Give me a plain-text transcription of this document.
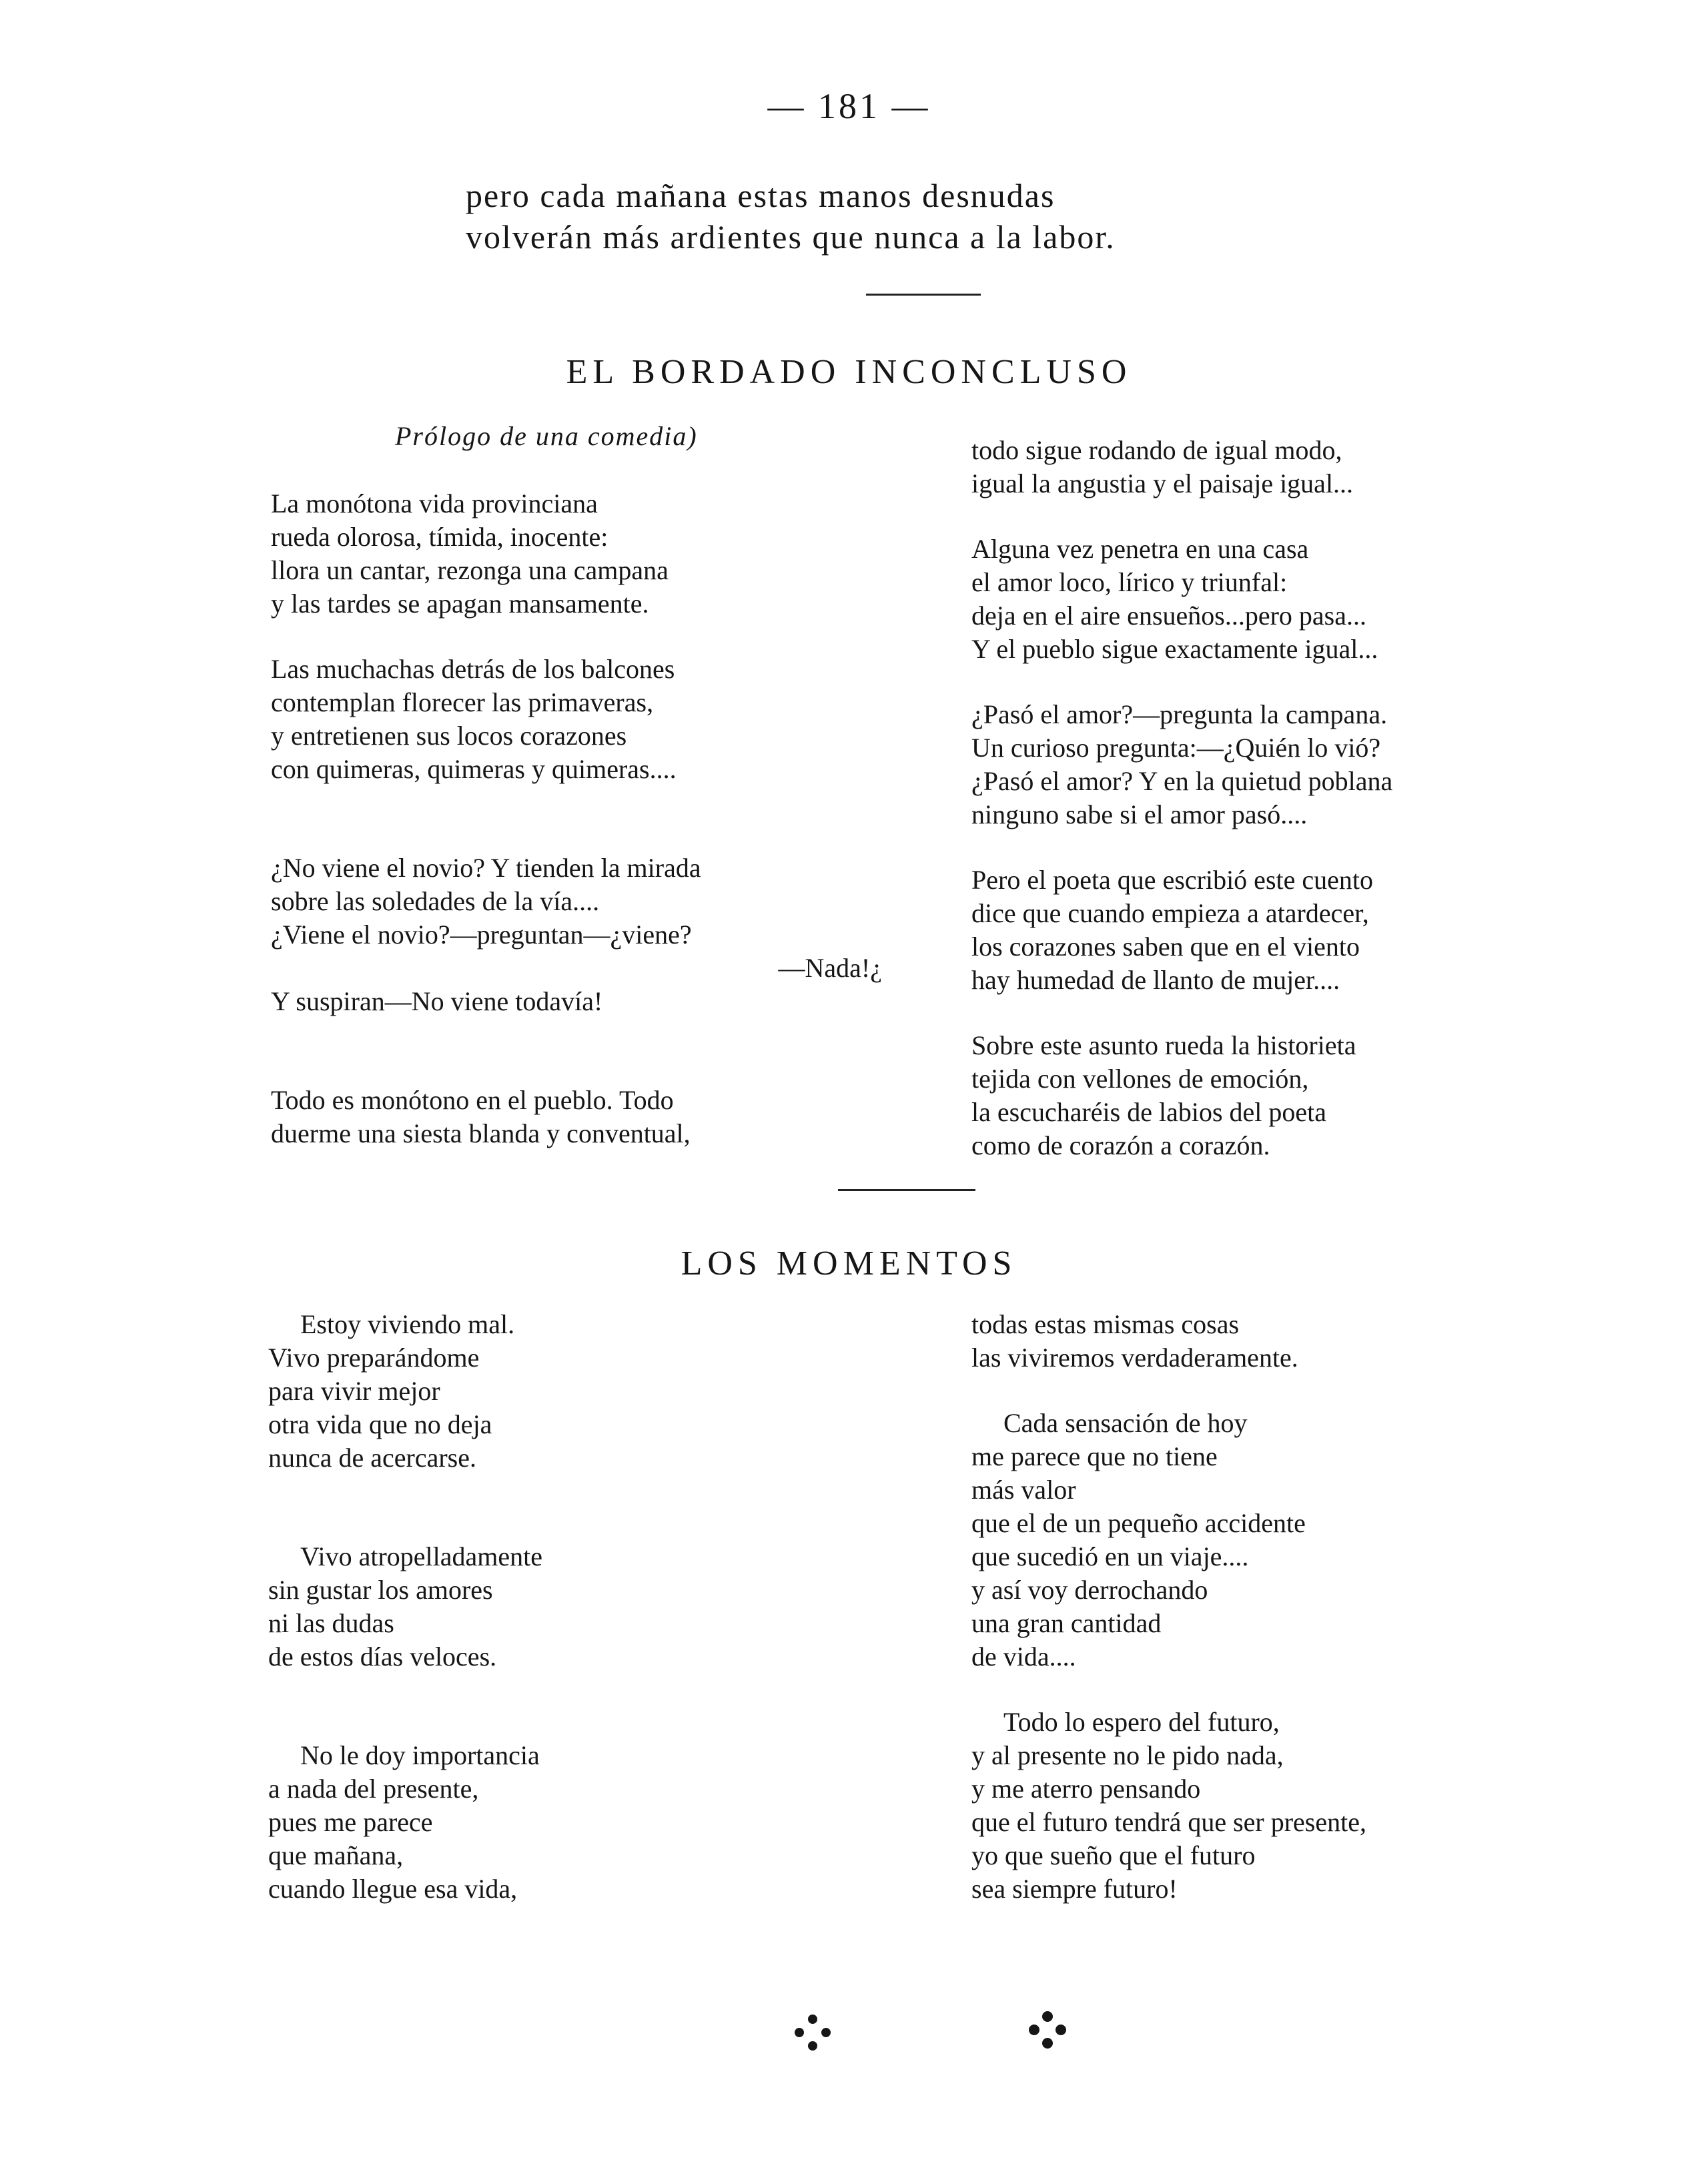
— 181 —
pero cada mañana estas manos desnudas
volverán más ardientes que nunca a la labor.
EL BORDADO INCONCLUSO
Prólogo de una comedia)
La monótona vida provinciana
rueda olorosa, tímida, inocente:
llora un cantar, rezonga una campana
y las tardes se apagan mansamente.
Las muchachas detrás de los balcones
contemplan florecer las primaveras,
y entretienen sus locos corazones
con quimeras, quimeras y quimeras....
¿No viene el novio? Y tienden la mirada
sobre las soledades de la vía....
¿Viene el novio?—preguntan—¿viene?
—Nada!¿
Y suspiran—No viene todavía!
Todo es monótono en el pueblo. Todo
duerme una siesta blanda y conventual,
todo sigue rodando de igual modo,
igual la angustia y el paisaje igual...
Alguna vez penetra en una casa
el amor loco, lírico y triunfal:
deja en el aire ensueños...pero pasa...
Y el pueblo sigue exactamente igual...
¿Pasó el amor?—pregunta la campana.
Un curioso pregunta:—¿Quién lo vió?
¿Pasó el amor? Y en la quietud poblana
ninguno sabe si el amor pasó....
Pero el poeta que escribió este cuento
dice que cuando empieza a atardecer,
los corazones saben que en el viento
hay humedad de llanto de mujer....
Sobre este asunto rueda la historieta
tejida con vellones de emoción,
la escucharéis de labios del poeta
como de corazón a corazón.
LOS MOMENTOS
Estoy viviendo mal.
Vivo preparándome
para vivir mejor
otra vida que no deja
nunca de acercarse.
Vivo atropelladamente
sin gustar los amores
ni las dudas
de estos días veloces.
No le doy importancia
a nada del presente,
pues me parece
que mañana,
cuando llegue esa vida,
todas estas mismas cosas
las viviremos verdaderamente.
Cada sensación de hoy
me parece que no tiene
más valor
que el de un pequeño accidente
que sucedió en un viaje....
y así voy derrochando
una gran cantidad
de vida....
Todo lo espero del futuro,
y al presente no le pido nada,
y me aterro pensando
que el futuro tendrá que ser presente,
yo que sueño que el futuro
sea siempre futuro!
